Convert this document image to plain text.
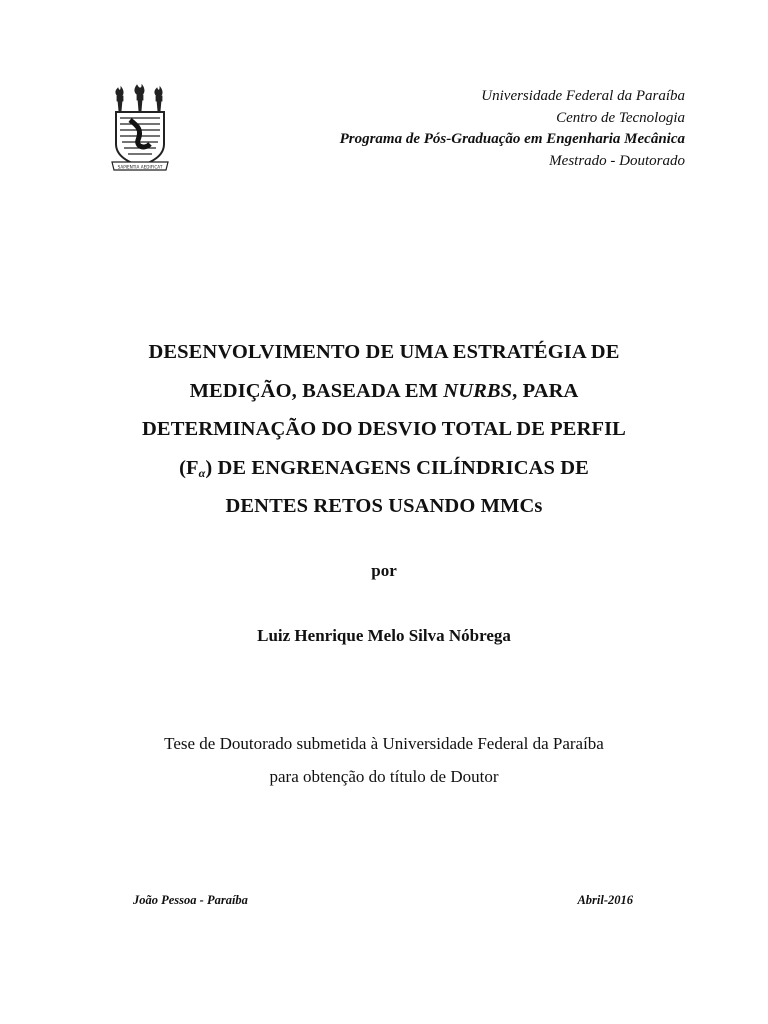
SAPIENTIA AEDIFICAT
Universidade Federal da Paraíba
Centro de Tecnologia
Programa de Pós-Graduação em Engenharia Mecânica
Mestrado - Doutorado
DESENVOLVIMENTO DE UMA ESTRATÉGIA DE
MEDIÇÃO, BASEADA EM NURBS, PARA
DETERMINAÇÃO DO DESVIO TOTAL DE PERFIL
$(F_\alpha)$ DE ENGRENAGENS CILÍNDRICAS DE
DENTES RETOS USANDO MMCs
por
Luiz Henrique Melo Silva Nóbrega
Tese de Doutorado submetida à Universidade Federal da Paraíba
para obtenção do título de Doutor
João Pessoa - Paraíba	Abril-2016
